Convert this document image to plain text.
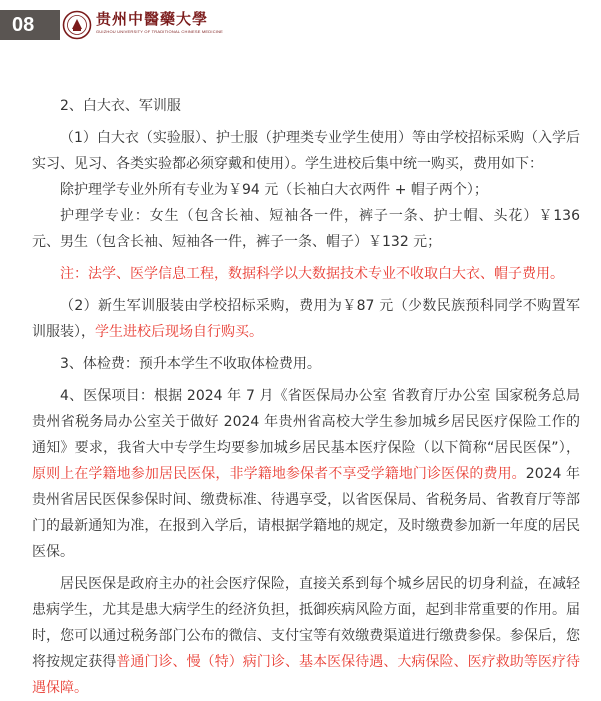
08	贵州中醫藥大學
GUIZHOU UNIVERSITY OF TRADITIONAL CHINESE MEDICINE

2、白大衣、军训服

（1）白大衣（实验服）、护士服（护理类专业学生使用）等由学校招标采购（入学后实习、见习、各类实验都必须穿戴和使用）。学生进校后集中统一购买，费用如下：

除护理学专业外所有专业为￥94 元（长袖白大衣两件 + 帽子两个）；

护理学专业：女生（包含长袖、短袖各一件，裤子一条、护士帽、头花）￥136 元、男生（包含长袖、短袖各一件，裤子一条、帽子）￥132 元；

注：法学、医学信息工程，数据科学以大数据技术专业不收取白大衣、帽子费用。

（2）新生军训服装由学校招标采购，费用为￥87 元（少数民族预科同学不购置军训服装），学生进校后现场自行购买。

3、体检费：预升本学生不收取体检费用。

4、医保项目：根据 2024 年 7 月《省医保局办公室 省教育厅办公室 国家税务总局贵州省税务局办公室关于做好 2024 年贵州省高校大学生参加城乡居民医疗保险工作的通知》要求，我省大中专学生均要参加城乡居民基本医疗保险（以下简称“居民医保”），原则上在学籍地参加居民医保，非学籍地参保者不享受学籍地门诊医保的费用。2024 年贵州省居民医保参保时间、缴费标准、待遇享受，以省医保局、省税务局、省教育厅等部门的最新通知为准，在报到入学后，请根据学籍地的规定，及时缴费参加新一年度的居民医保。

居民医保是政府主办的社会医疗保险，直接关系到每个城乡居民的切身利益，在减轻患病学生，尤其是患大病学生的经济负担，抵御疾病风险方面，起到非常重要的作用。届时，您可以通过税务部门公布的微信、支付宝等有效缴费渠道进行缴费参保。参保后，您将按规定获得普通门诊、慢（特）病门诊、基本医保待遇、大病保险、医疗救助等医疗待遇保障。
